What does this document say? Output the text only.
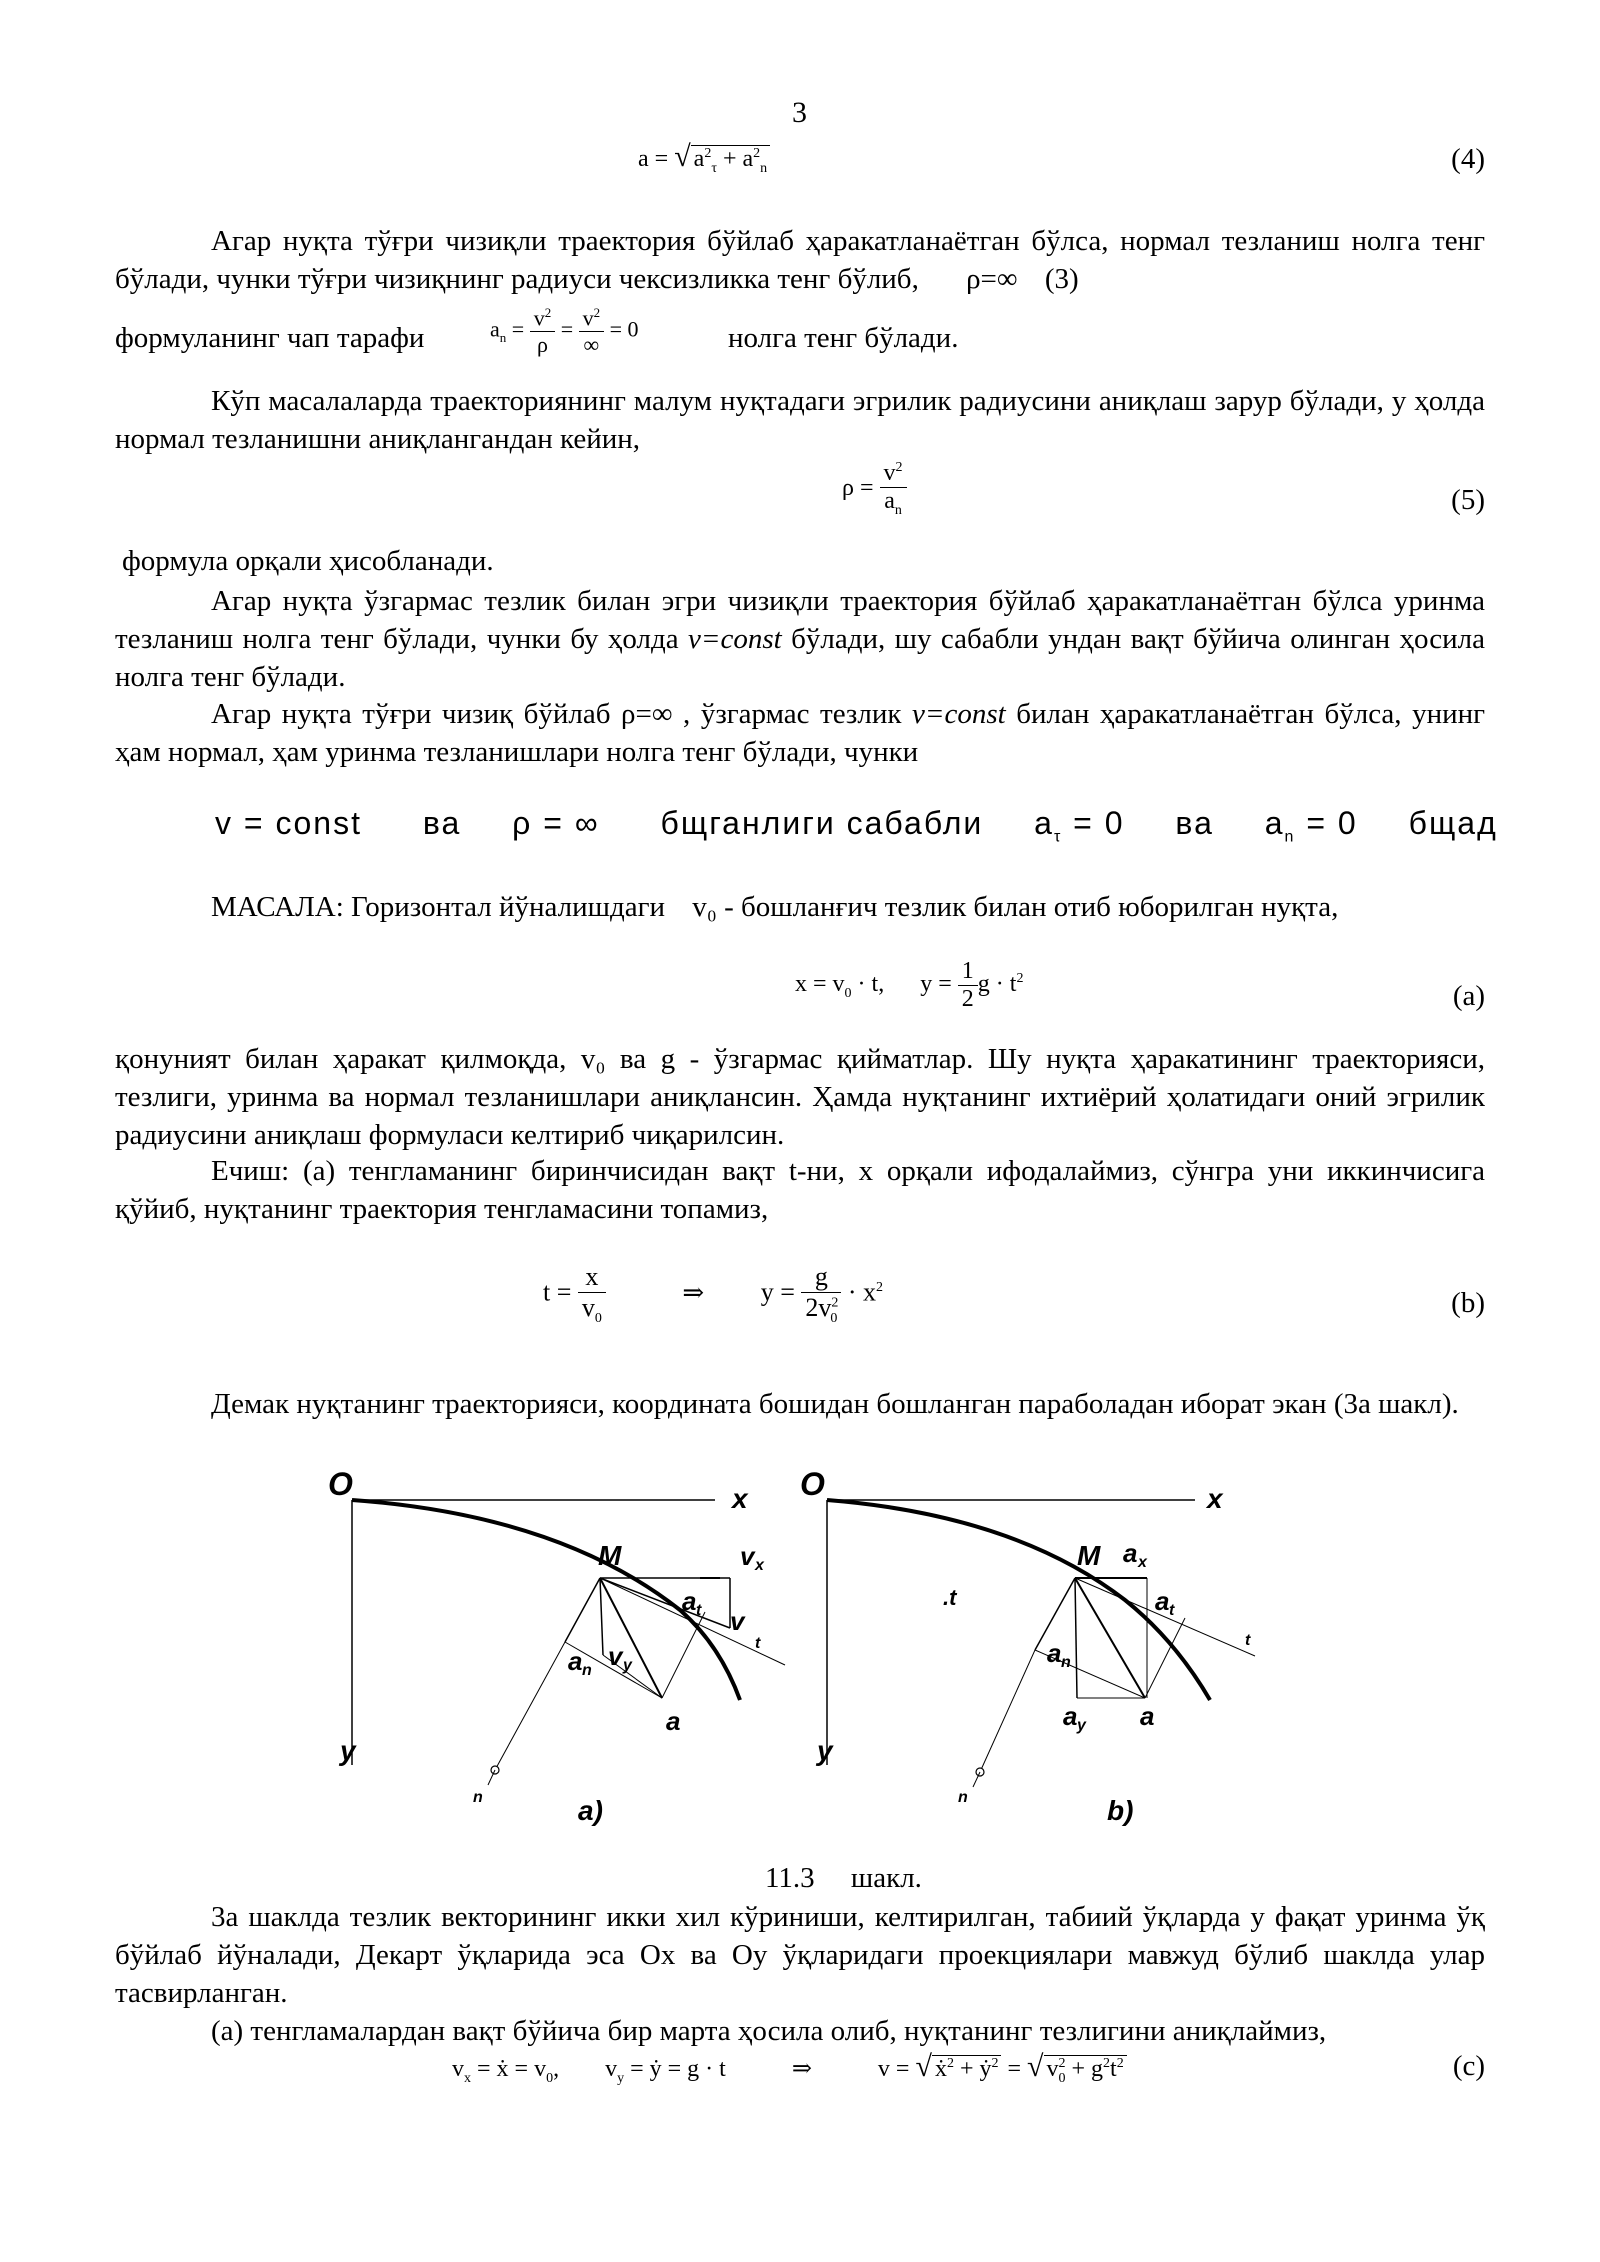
3
a = √ $a^2_\tau + a^2_n$	(4)
Агар нуқта тўғри чизиқли траектория бўйлаб ҳаракатланаётган бўлса, нормал тезланиш нолга тенг бўлади, чунки тўғри чизиқнинг радиуси чексизликка тенг бўлиб, ρ=∞ (3)
формуланинг чап тарафи	$a_n = \frac{v^2}{\rho} = \frac{v^2}{\infty} = 0$	нолга тенг бўлади.
Кўп масалаларда траекториянинг малум нуқтадаги эгрилик радиусини аниқлаш зарур бўлади, у ҳолда нормал тезланишни аниқлангандан кейин,
$\rho = \frac{v^2}{a_n}$	(5)
формула орқали ҳисобланади.
Агар нуқта ўзгармас тезлик билан эгри чизиқли траектория бўйлаб ҳаракатланаётган бўлса уринма тезланиш нолга тенг бўлади, чунки бу ҳолда v=const бўлади, шу сабабли ундан вақт бўйича олинган ҳосила нолга тенг бўлади.
Агар нуқта тўғри чизиқ бўйлаб ρ=∞ , ўзгармас тезлик v=const билан ҳаракатланаётган бўлса, унинг ҳам нормал, ҳам уринма тезланишлари нолга тенг бўлади, чунки
v = const ва ρ = ∞ бщганлиги сабабли $a_\tau = 0$ ва $a_n = 0$ бщад
МАСАЛА: Горизонтал йўналишдаги v₀ - бошланғич тезлик билан отиб юборилган нуқта,
$x = v_0 \cdot t$, $y = \frac{1}{2}$ $g \cdot t^2$
(a)
қонуният билан ҳаракат қилмоқда, v₀ ва g - ўзгармас қийматлар. Шу нуқта ҳаракатининг траекторияси, тезлиги, уринма ва нормал тезланишлари аниқлансин. Ҳамда нуқтанинг ихтиёрий ҳолатидаги оний эгрилик радиусини аниқлаш формуласи келтириб чиқарилсин.
Ечиш: (а) тенгламанинг биринчисидан вақт t-ни, x орқали ифодалаймиз, сўнгра уни иккинчисига қўйиб, нуқтанинг траектория тенгламасини топамиз,
$t = \frac{x}{v_0}$	⇒ $y = \frac{g}{2v^2_0} \cdot x^2$	(b)
Демак нуқтанинг траекторияси, координата бошидан бошланган параболадан иборат экан (3а шакл).
O	x
y
M	v x
a t v
t
a n v y
a
n	a)
O	x
y
M a x
a t
t
a n
a y a
n
.t
b)
11.3     шакл.
3а шаклда тезлик векторининг икки хил кўриниши, келтирилган, табиий ўқларда у фақат уринма ўқ бўйлаб йўналади, Декарт ўқларида эса Ох ва Оу ўқларидаги проекциялари мавжуд бўлиб шаклда улар тасвирланган.
(а) тенгламалардан вақт бўйича бир марта ҳосила олиб, нуқтанинг тезлигини аниқлаймиз,
$v_x$ = ẋ = $v_0$, $v_y$ = ẏ = g · t	⇒	v = √ ẋ$^2$ + ẏ$^2$ = √ $v^2_0 + g^2t^2$	(c)
